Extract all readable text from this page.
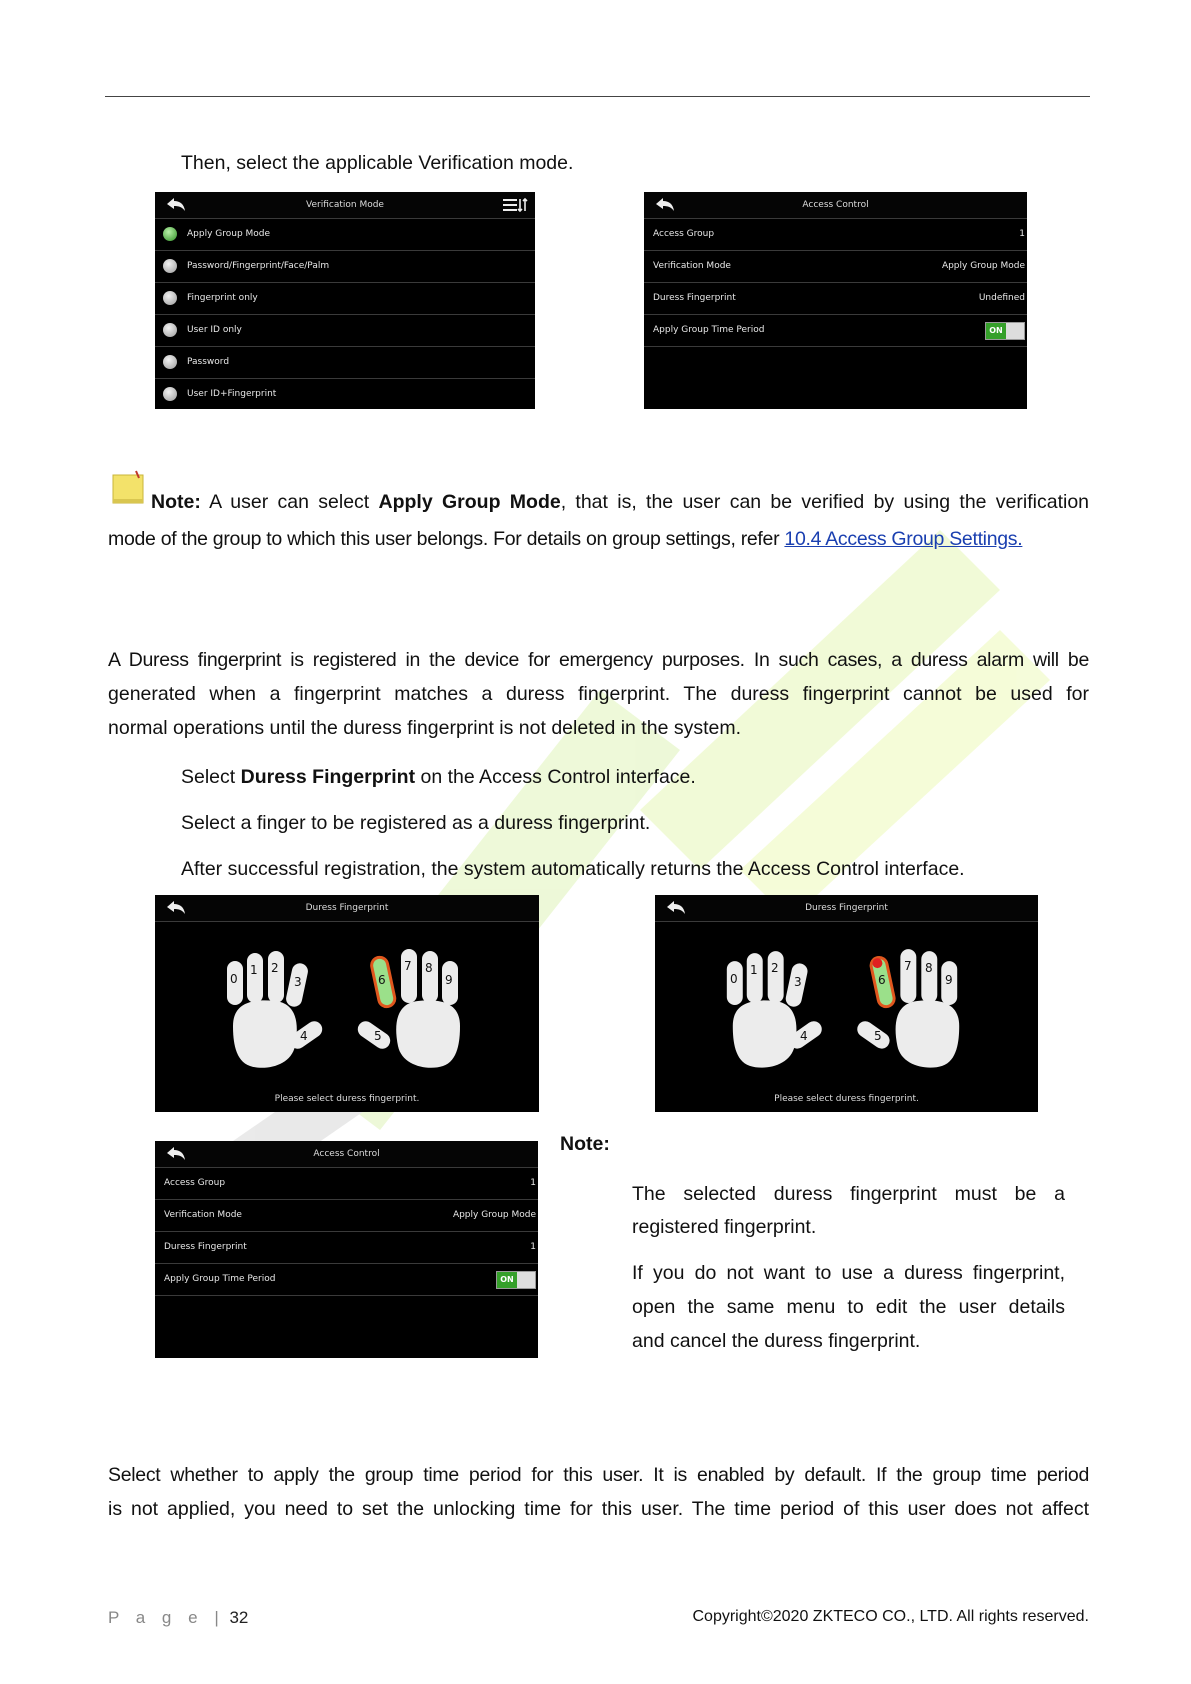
Then, select the applicable Verification mode.
Verification Mode
Apply Group Mode
Password/Fingerprint/Face/Palm
Fingerprint only
User ID only
Password
User ID+Fingerprint
Access Control
Access Group	1
Verification Mode	Apply Group Mode
Duress Fingerprint	Undefined
Apply Group Time Period	ON
Note: A user can select Apply Group Mode, that is, the user can be verified by using the verification
mode of the group to which this user belongs. For details on group settings, refer 10.4 Access Group Settings.
A Duress fingerprint is registered in the device for emergency purposes. In such cases, a duress alarm will be
generated when a fingerprint matches a duress fingerprint. The duress fingerprint cannot be used for
normal operations until the duress fingerprint is not deleted in the system.
Select Duress Fingerprint on the Access Control interface.
Select a finger to be registered as a duress fingerprint.
After successful registration, the system automatically returns the Access Control interface.
Duress Fingerprint
0
1 2
3
4	5
6
7 8
9
Please select duress fingerprint.
Duress Fingerprint
0
1 2
3
4	5
6
7 8
9
Please select duress fingerprint.
Access Control
Access Group	1
Verification Mode	Apply Group Mode
Duress Fingerprint	1
Apply Group Time Period	ON
Note:
The selected duress fingerprint must be a
registered fingerprint.
If you do not want to use a duress fingerprint,
open the same menu to edit the user details
and cancel the duress fingerprint.
Select whether to apply the group time period for this user. It is enabled by default. If the group time period
is not applied, you need to set the unlocking time for this user. The time period of this user does not affect
P a g e | 32	Copyright©2020 ZKTECO CO., LTD. All rights reserved.
